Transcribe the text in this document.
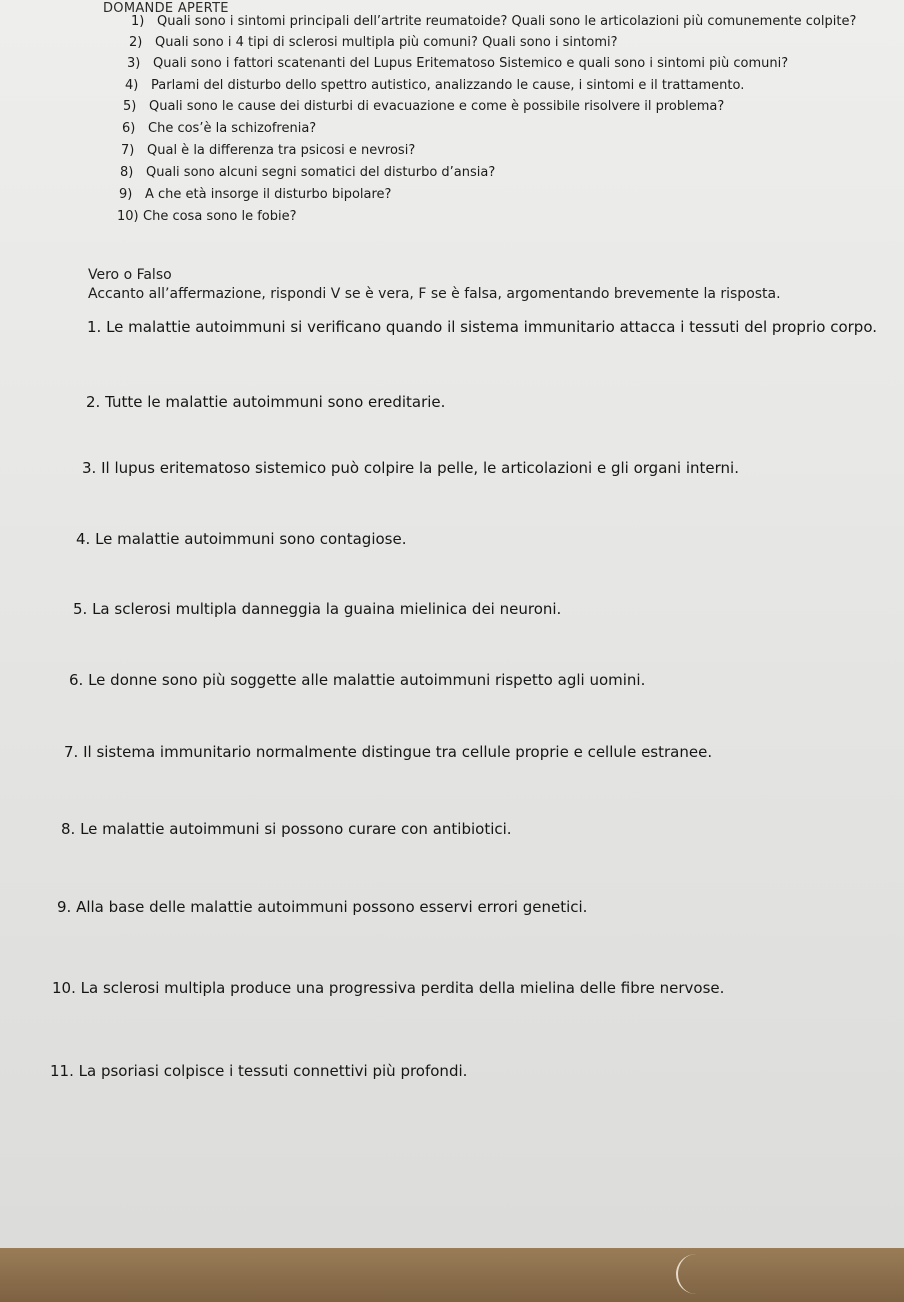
DOMANDE APERTE
1) Quali sono i sintomi principali dell’artrite reumatoide? Quali sono le articolazioni più comunemente colpite?
2) Quali sono i 4 tipi di sclerosi multipla più comuni? Quali sono i sintomi?
3) Quali sono i fattori scatenanti del Lupus Eritematoso Sistemico e quali sono i sintomi più comuni?
4) Parlami del disturbo dello spettro autistico, analizzando le cause, i sintomi e il trattamento.
5) Quali sono le cause dei disturbi di evacuazione e come è possibile risolvere il problema?
6) Che cos’è la schizofrenia?
7) Qual è la differenza tra psicosi e nevrosi?
8) Quali sono alcuni segni somatici del disturbo d’ansia?
9) A che età insorge il disturbo bipolare?
10) Che cosa sono le fobie?
Vero o Falso
Accanto all’affermazione, rispondi V se è vera, F se è falsa, argomentando brevemente la risposta.
1. Le malattie autoimmuni si verificano quando il sistema immunitario attacca i tessuti del proprio corpo.
2. Tutte le malattie autoimmuni sono ereditarie.
3. Il lupus eritematoso sistemico può colpire la pelle, le articolazioni e gli organi interni.
4. Le malattie autoimmuni sono contagiose.
5. La sclerosi multipla danneggia la guaina mielinica dei neuroni.
6. Le donne sono più soggette alle malattie autoimmuni rispetto agli uomini.
7. Il sistema immunitario normalmente distingue tra cellule proprie e cellule estranee.
8. Le malattie autoimmuni si possono curare con antibiotici.
9. Alla base delle malattie autoimmuni possono esservi errori genetici.
10. La sclerosi multipla produce una progressiva perdita della mielina delle fibre nervose.
11. La psoriasi colpisce i tessuti connettivi più profondi.
